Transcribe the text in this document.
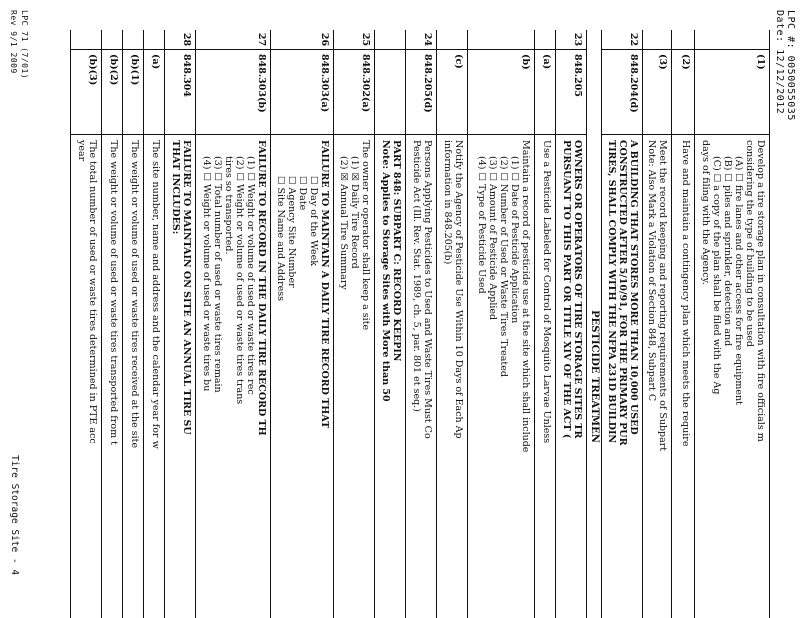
LPC #: 0050055035
Date: 12/12/2012
LPC 71 (7/01)
Rev 9/1 2009	(1)
Develop a tire storage plan in consultation with fire officials m
considering the type of building to be used
(A) ☐ fire lanes and other access for fire equipment
(B) ☐ piles and sprinkler, detection and
(C) ☐ a copy of the plan shall be filed with the Ag
days of filing with the Agency.
(2)
Have and maintain a contingency plan which meets the require
(3)
Meet the record keeping and reporting requirements of Subpart
Note: Also Mark a Violation of Section 848, Subpart C
22
848.204(d)
A BUILDING THAT STORES MORE THAN 10,000 USED
CONSTRUCTED AFTER 5/10/91, FOR THE PRIMARY PUR
TIRES, SHALL COMPLY WITH THE NFPA 231D BUILDIN
PESTICIDE TREATMEN
23
848.205
OWNERS OR OPERATORS OF TIRE STORAGE SITES TR
PURSUANT TO THIS PART OR TITLE XIV OF THE ACT (
(a)
Use a Pesticide Labeled for Control of Mosquito Larvae Unless
(b)
Maintain a record of pesticide use at the site which shall include
(1) ☐ Date of Pesticide Application
(2) ☐ Number of Used or Waste Tires Treated
(3) ☐ Amount of Pesticide Applied
(4) ☐ Type of Pesticide Used
(c)
Notify the Agency of Pesticide Use Within 10 Days of Each Ap
information in 848.205(b)
24
848.205(d)
Persons Applying Pesticides to Used and Waste Tires Must Co
Pesticide Act (Ill. Rev. Stat. 1989, ch. 5, par. 801 et seq.)
PART 848: SUBPART C: RECORD KEEPIN
Note: Applies to Storage Sites with More than 50
25
848.302(a)
The owner or operator shall keep a site
(1) ☒ Daily Tire Record
(2) ☒ Annual Tire Summary
26
848.303(a)
FAILURE TO MAINTAIN A DAILY TIRE RECORD THAT
☐ Day of the Week
☐ Date
☐ Agency Site Number
☐ Site Name and Address
27
848.303(b)
FAILURE TO RECORD IN THE DAILY TIRE RECORD TH
(1) ☐ Weight or volume of used or waste tires rec
(2) ☐ Weight or volume of used or waste tires trans
tires so transported.
(3) ☐ Total number of used or waste tires remain
(4) ☐ Weight or volume of used or waste tires bu
28
848.304
FAILURE TO MAINTAIN ON SITE AN ANNUAL TIRE SU
THAT INCLUDES:
(a)
The site number, name and address and the calendar year for w
(b)(1)
The weight or volume of used or waste tires received at the site
(b)(2)
The weight or volume of used or waste tires transported from t
(b)(3)
The total number of used or waste tires determined in PTE acc
year
Tire Storage Site - 4
